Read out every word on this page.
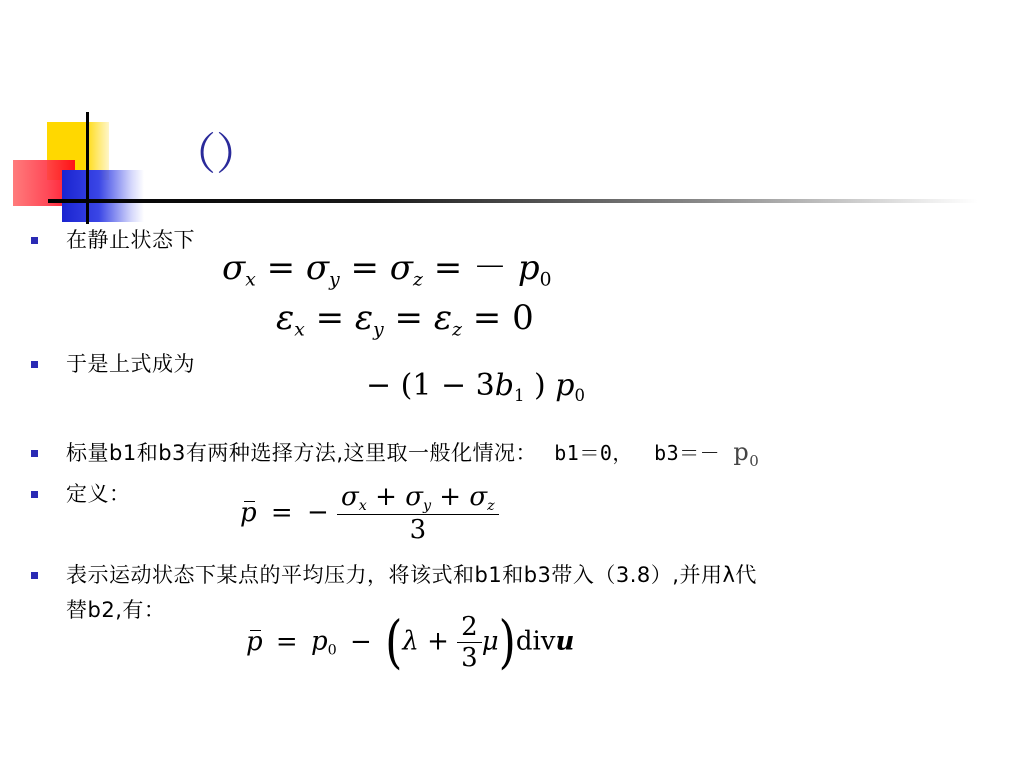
（）
在静止状态下
$\sigma_x = \sigma_y = \sigma_z$ = － $p_0$
$\varepsilon_x = \varepsilon_y = \varepsilon_z = 0$
于是上式成为
− ($1 - 3b_1$ ) $p_0$
标量b1和b3有两种选择方法,这里取一般化情况： b1＝0， $b3=- p_0$
定义：
p = − $\frac{\sigma_x + \sigma_y + \sigma_z}{3}$
表示运动状态下某点的平均压力，将该式和b1和b3带入（3.8）,并用λ代
替b2,有：
$p = p_0 - (\lambda + \frac{2}{3}$ μ)divu
